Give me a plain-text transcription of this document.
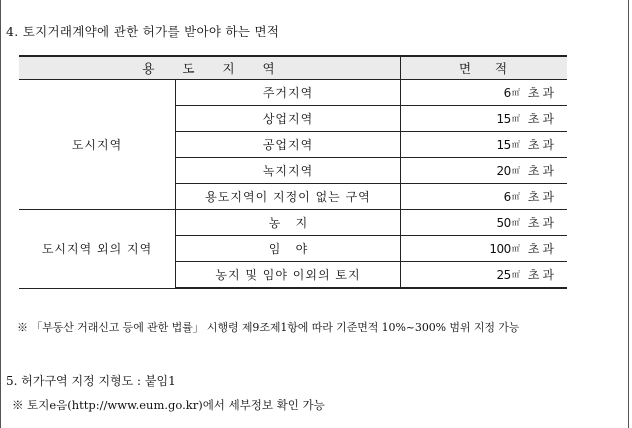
4. 토지거래계약에 관한 허가를 받아야 하는 면적
용 도 지 역		면 적
도시지역	주거지역	6㎡ 초과
	상업지역	15㎡ 초과
	공업지역	15㎡ 초과
	녹지지역	20㎡ 초과
	용도지역이 지정이 없는 구역	6㎡ 초과
도시지역 외의 지역	농    지	50㎡ 초과
	임    야	100㎡ 초과
	농지 및 임야 이외의 토지	25㎡ 초과
※ 「부동산 거래신고 등에 관한 법률」 시행령 제9조제1항에 따라 기준면적 10%~300% 범위 지정 가능
5. 허가구역 지정 지형도 : 붙임1
※ 토지e음(http://www.eum.go.kr)에서 세부정보 확인 가능
